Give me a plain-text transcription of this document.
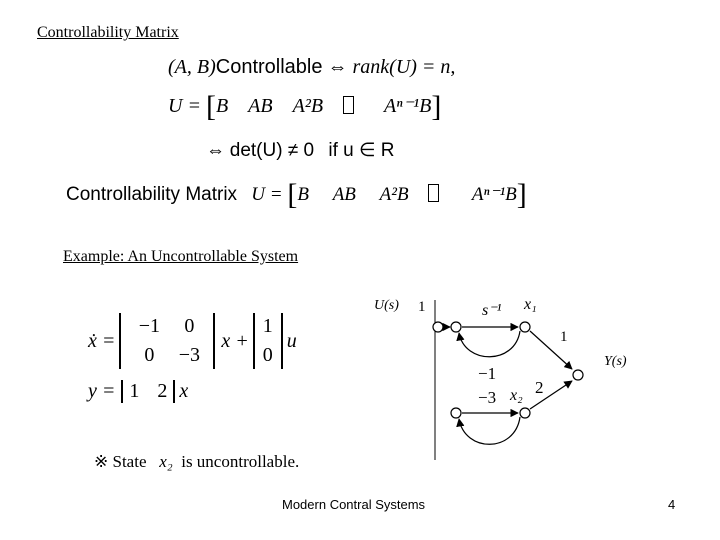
Controllability Matrix
(A, B)Controllable ⇔ rank(U) = n,
U = [B AB A²B	Aⁿ⁻¹B]
⇔ det(U) ≠ 0 if u ∈ R
Controllability Matrix U = [B AB A²B	Aⁿ⁻¹B]
Example: An Uncontrollable System
ẋ =
−1	0
0	−3
x +
1
0
u
y = 1 2 x
※ State x₂ is uncontrollable.
U(s) 1	s⁻¹ x₁
1
Y(s)
−1
−3 x₂ 2
Modern Contral Systems	4
